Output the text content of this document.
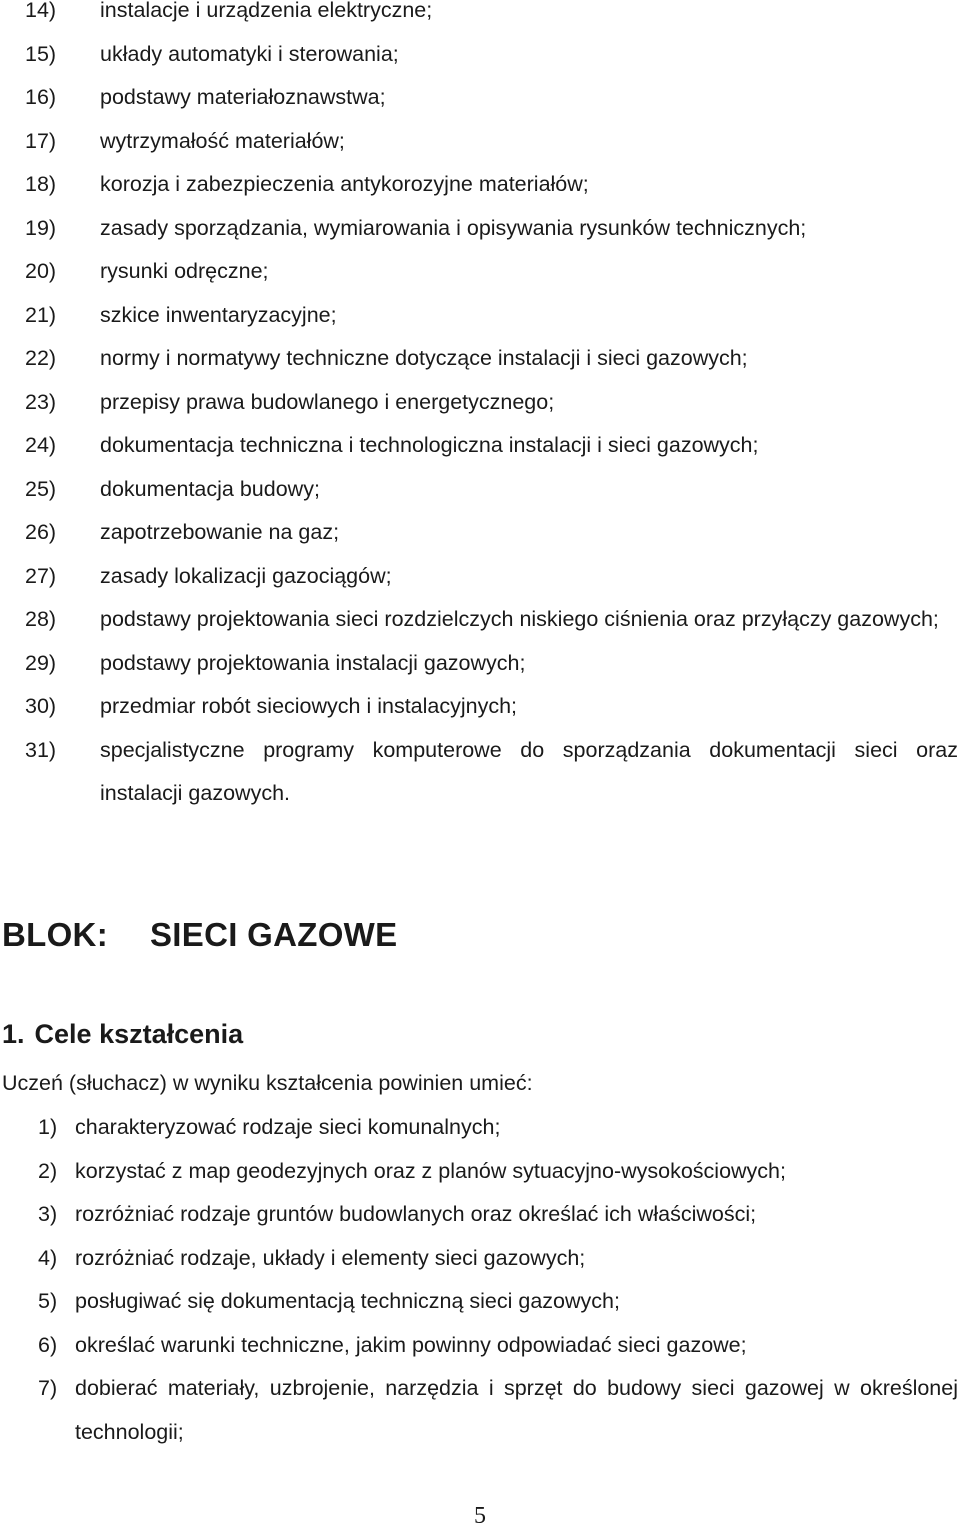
14) instalacje i urządzenia elektryczne;
15) układy automatyki i sterowania;
16) podstawy materiałoznawstwa;
17) wytrzymałość materiałów;
18) korozja i zabezpieczenia antykorozyjne materiałów;
19) zasady sporządzania, wymiarowania i opisywania rysunków technicznych;
20) rysunki odręczne;
21) szkice inwentaryzacyjne;
22) normy i normatywy techniczne dotyczące instalacji i sieci gazowych;
23) przepisy prawa budowlanego i energetycznego;
24) dokumentacja techniczna i technologiczna instalacji i sieci gazowych;
25) dokumentacja budowy;
26) zapotrzebowanie na gaz;
27) zasady lokalizacji gazociągów;
28) podstawy projektowania sieci rozdzielczych niskiego ciśnienia oraz przyłączy gazowych;
29) podstawy projektowania instalacji gazowych;
30) przedmiar robót sieciowych i instalacyjnych;
31) specjalistyczne programy komputerowe do sporządzania dokumentacji sieci oraz instalacji gazowych.
BLOK: SIECI GAZOWE
1. Cele kształcenia

Uczeń (słuchacz) w wyniku kształcenia powinien umieć:

1) charakteryzować rodzaje sieci komunalnych;
2) korzystać z map geodezyjnych oraz z planów sytuacyjno-wysokościowych;
3) rozróżniać rodzaje gruntów budowlanych oraz określać ich właściwości;
4) rozróżniać rodzaje, układy i elementy sieci gazowych;
5) posługiwać się dokumentacją techniczną sieci gazowych;
6) określać warunki techniczne, jakim powinny odpowiadać sieci gazowe;
7) dobierać materiały, uzbrojenie, narzędzia i sprzęt do budowy sieci gazowej w określonej technologii;
5
